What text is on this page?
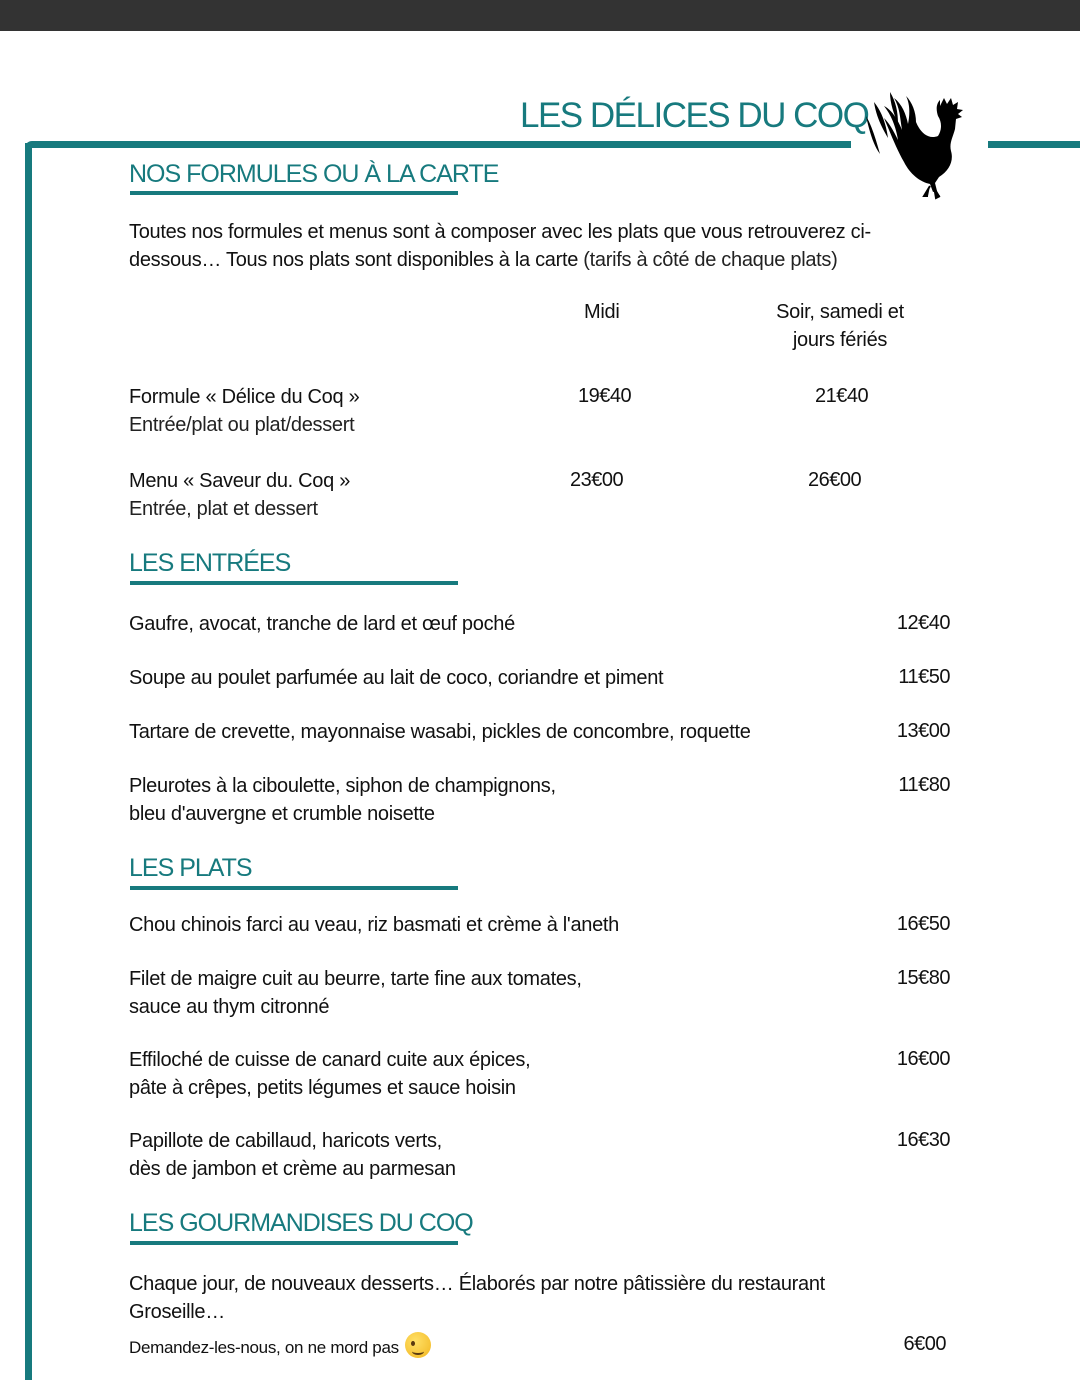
LES DÉLICES DU COQ
NOS FORMULES OU À LA CARTE
Toutes nos formules et menus sont à composer avec les plats que vous retrouverez ci-dessous… Tous nos plats sont disponibles à la carte (tarifs à côté de chaque plats)
Midi	Soir, samedi et
jours fériés
Formule « Délice du Coq »
Entrée/plat ou plat/dessert
19€40	21€40
Menu « Saveur du. Coq »
Entrée, plat et dessert
23€00	26€00
LES ENTRÉES
Gaufre, avocat, tranche de lard et œuf poché	12€40
Soupe au poulet parfumée au lait de coco, coriandre et piment	11€50
Tartare de crevette, mayonnaise wasabi, pickles de concombre, roquette	13€00
Pleurotes à la ciboulette, siphon de champignons,
bleu d'auvergne et crumble noisette
11€80
LES PLATS
Chou chinois farci au veau, riz basmati et crème à l'aneth	16€50
Filet de maigre cuit au beurre, tarte fine aux tomates,
sauce au thym citronné
15€80
Effiloché de cuisse de canard cuite aux épices,
pâte à crêpes, petits légumes et sauce hoisin
16€00
Papillote de cabillaud, haricots verts,
dès de jambon et crème au parmesan
16€30
LES GOURMANDISES DU COQ
Chaque jour, de nouveaux desserts… Élaborés par notre pâtissière du restaurant
Groseille…
Demandez-les-nous, on ne mord pas	6€00
